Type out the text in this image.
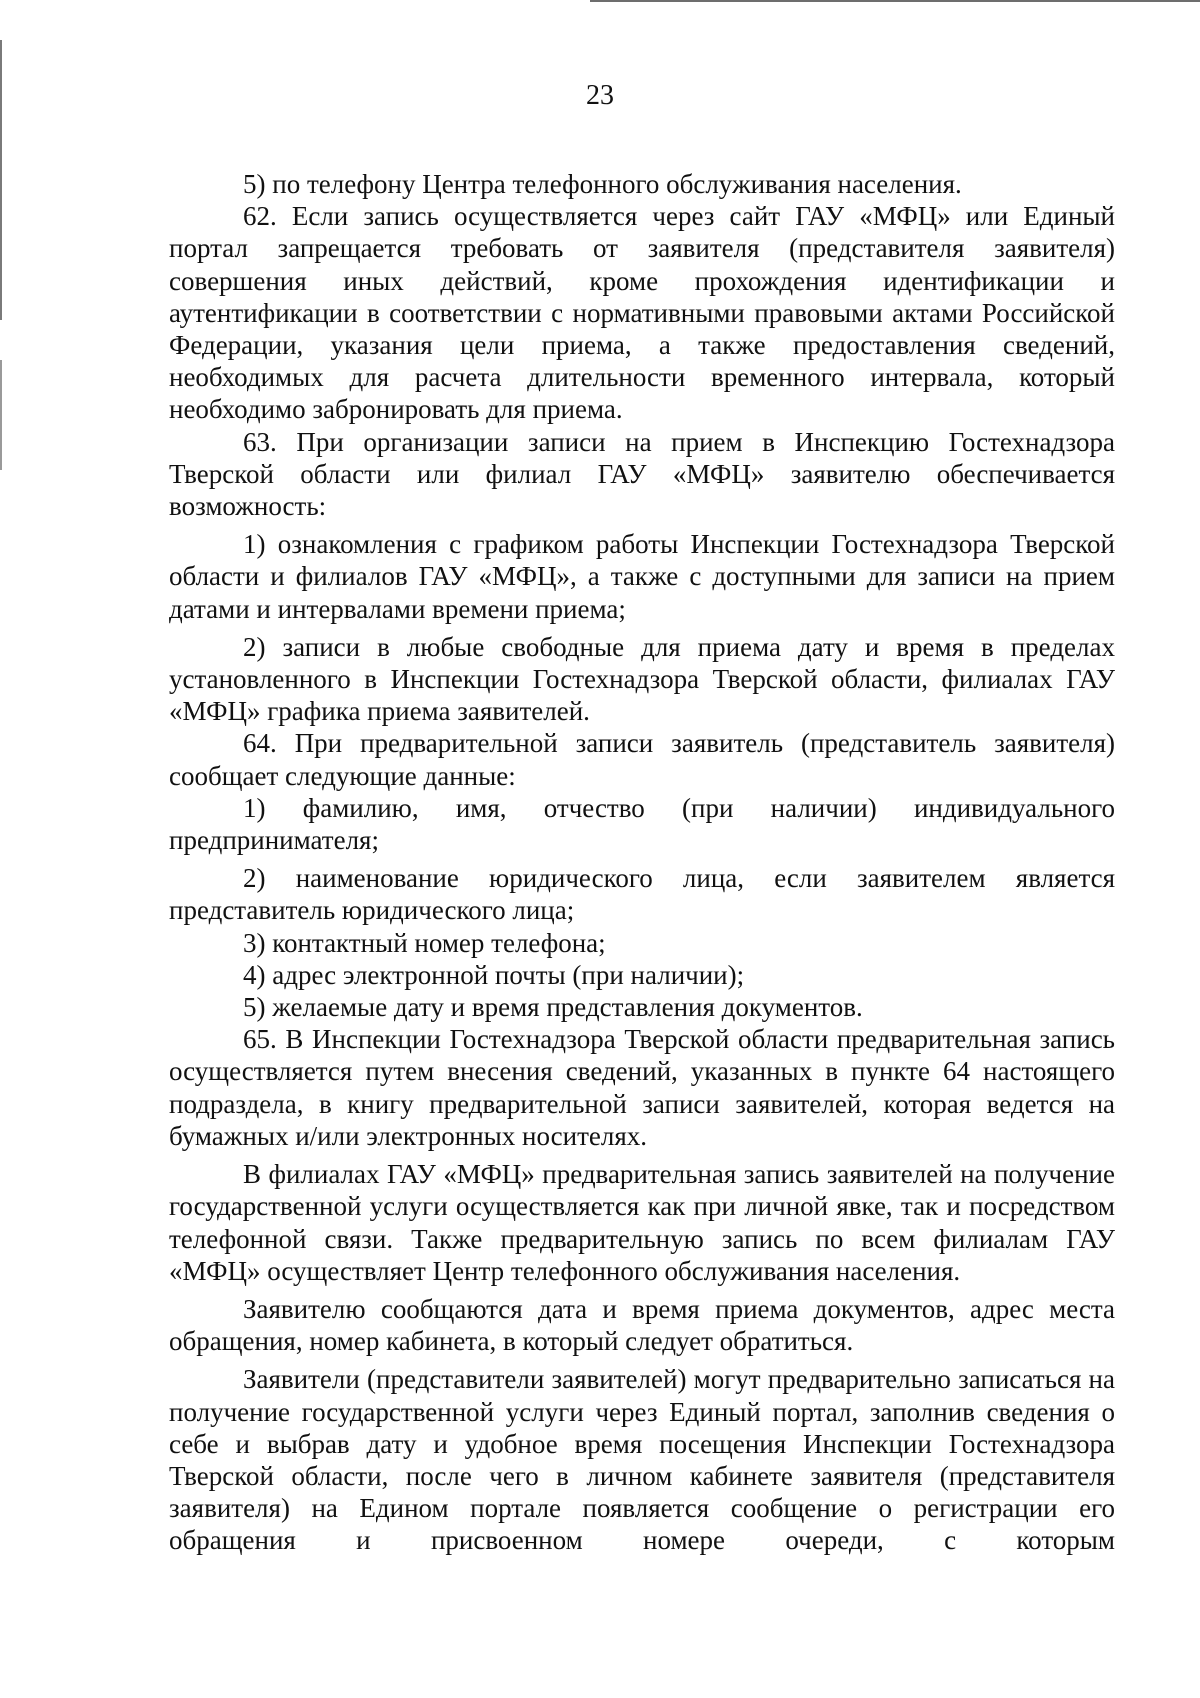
23

5) по телефону Центра телефонного обслуживания населения.

62. Если запись осуществляется через сайт ГАУ «МФЦ» или Единый портал запрещается требовать от заявителя (представителя заявителя) совершения иных действий, кроме прохождения идентификации и аутентификации в соответствии с нормативными правовыми актами Российской Федерации, указания цели приема, а также предоставления сведений, необходимых для расчета длительности временного интервала, который необходимо забронировать для приема.

63. При организации записи на прием в Инспекцию Гостехнадзора Тверской области или филиал ГАУ «МФЦ» заявителю обеспечивается возможность:

1) ознакомления с графиком работы Инспекции Гостехнадзора Тверской области и филиалов ГАУ «МФЦ», а также с доступными для записи на прием датами и интервалами времени приема;

2) записи в любые свободные для приема дату и время в пределах установленного в Инспекции Гостехнадзора Тверской области, филиалах ГАУ «МФЦ» графика приема заявителей.

64. При предварительной записи заявитель (представитель заявителя) сообщает следующие данные:

1) фамилию, имя, отчество (при наличии) индивидуального предпринимателя;

2) наименование юридического лица, если заявителем является представитель юридического лица;

3) контактный номер телефона;

4) адрес электронной почты (при наличии);

5) желаемые дату и время представления документов.

65. В Инспекции Гостехнадзора Тверской области предварительная запись осуществляется путем внесения сведений, указанных в пункте 64 настоящего подраздела, в книгу предварительной записи заявителей, которая ведется на бумажных и/или электронных носителях.

В филиалах ГАУ «МФЦ» предварительная запись заявителей на получение государственной услуги осуществляется как при личной явке, так и посредством телефонной связи. Также предварительную запись по всем филиалам ГАУ «МФЦ» осуществляет Центр телефонного обслуживания населения.

Заявителю сообщаются дата и время приема документов, адрес места обращения, номер кабинета, в который следует обратиться.

Заявители (представители заявителей) могут предварительно записаться на получение государственной услуги через Единый портал, заполнив сведения о себе и выбрав дату и удобное время посещения Инспекции Гостехнадзора Тверской области, после чего в личном кабинете заявителя (представителя заявителя) на Едином портале появляется сообщение о регистрации его обращения и присвоенном номере очереди, с которым
